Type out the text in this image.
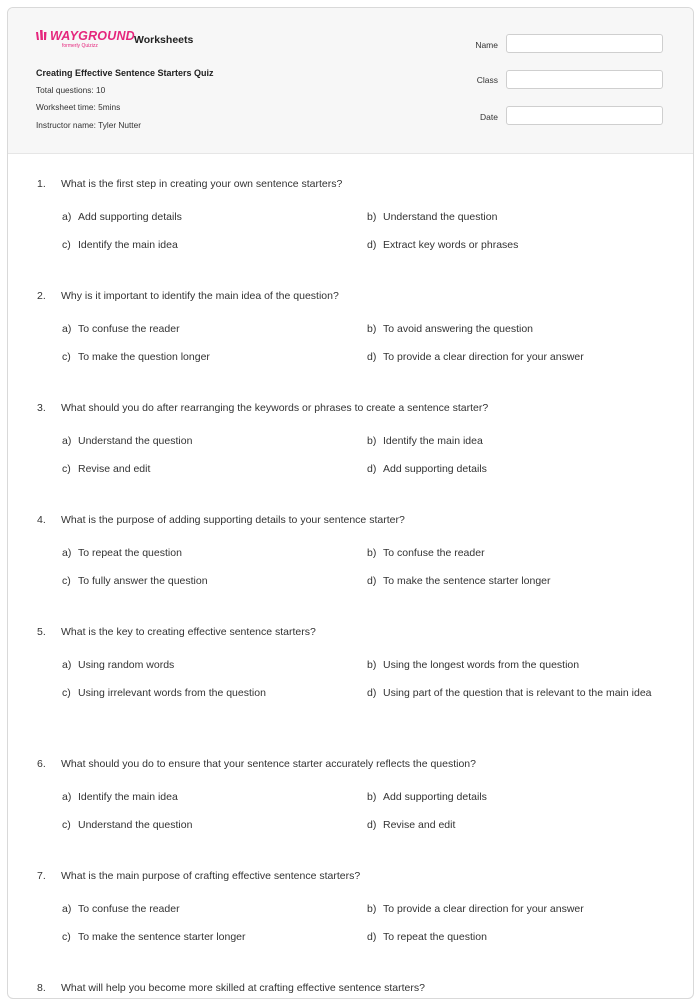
WAYGROUND
formerly Quizizz	Worksheets
Creating Effective Sentence Starters Quiz
Total questions: 10
Worksheet time: 5mins
Instructor name: Tyler Nutter
Name
Class
Date
1. What is the first step in creating your own sentence starters?
a) Add supporting details	b) Understand the question
c) Identify the main idea	d) Extract key words or phrases
2. Why is it important to identify the main idea of the question?
a) To confuse the reader	b) To avoid answering the question
c) To make the question longer	d) To provide a clear direction for your answer
3. What should you do after rearranging the keywords or phrases to create a sentence starter?
a) Understand the question	b) Identify the main idea
c) Revise and edit	d) Add supporting details
4. What is the purpose of adding supporting details to your sentence starter?
a) To repeat the question	b) To confuse the reader
c) To fully answer the question	d) To make the sentence starter longer
5. What is the key to creating effective sentence starters?
a) Using random words	b) Using the longest words from the question
c) Using irrelevant words from the question	d) Using part of the question that is relevant to the main idea
6. What should you do to ensure that your sentence starter accurately reflects the question?
a) Identify the main idea	b) Add supporting details
c) Understand the question	d) Revise and edit
7. What is the main purpose of crafting effective sentence starters?
a) To confuse the reader	b) To provide a clear direction for your answer
c) To make the sentence starter longer	d) To repeat the question
8. What will help you become more skilled at crafting effective sentence starters?
